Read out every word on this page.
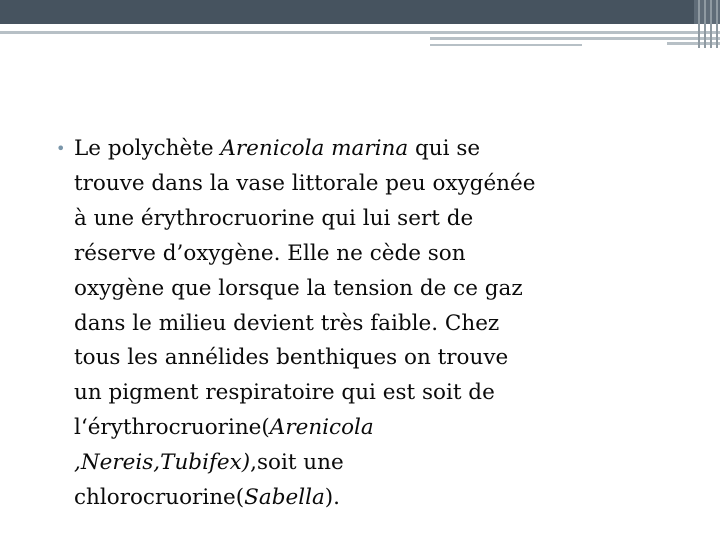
• Le polychète Arenicola marina qui se
trouve dans la vase littorale peu oxygénée
à une érythrocruorine qui lui sert de
réserve d’oxygène. Elle ne cède son
oxygène que lorsque la tension de ce gaz
dans le milieu devient très faible. Chez
tous les annélides benthiques on trouve
un pigment respiratoire qui est soit de
l‘érythrocruorine(Arenicola
,Nereis,Tubifex),soit une
chlorocruorine(Sabella).
